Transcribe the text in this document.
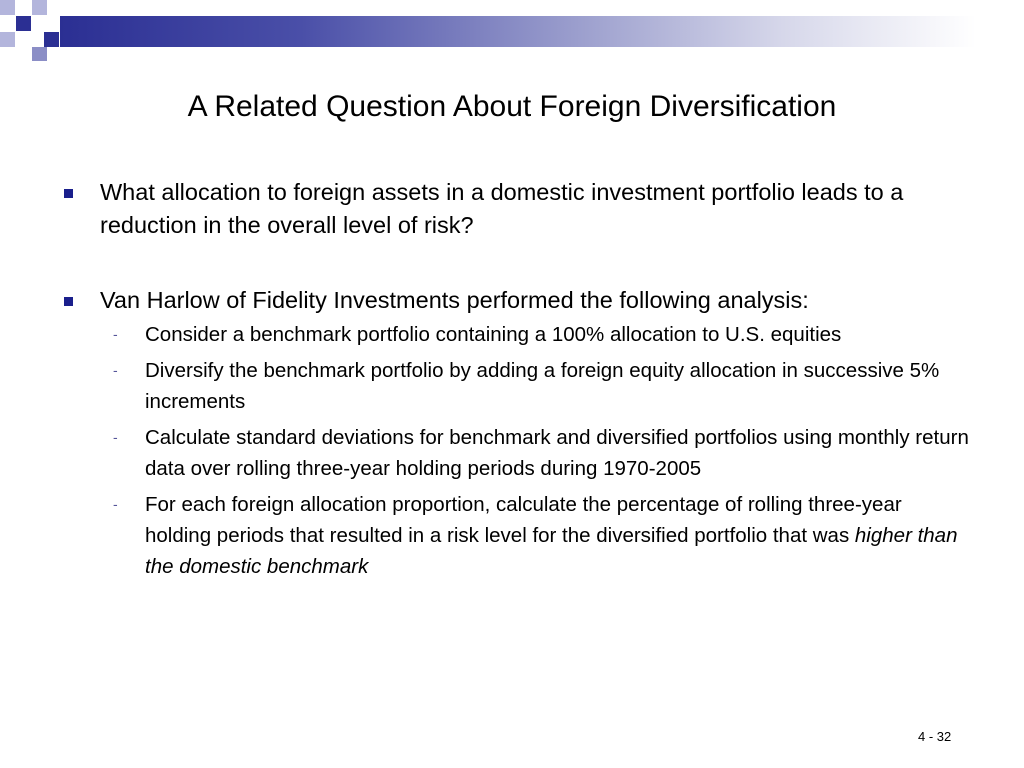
A Related Question About Foreign Diversification
What allocation to foreign assets in a domestic investment portfolio leads to a reduction in the overall level of risk?
Van Harlow of Fidelity Investments performed the following analysis:
- Consider a benchmark portfolio containing a 100% allocation to U.S. equities
- Diversify the benchmark portfolio by adding a foreign equity allocation in successive 5% increments
- Calculate standard deviations for benchmark and diversified portfolios using monthly return data over rolling three-year holding periods during 1970-2005
- For each foreign allocation proportion, calculate the percentage of rolling three-year holding periods that resulted in a risk level for the diversified portfolio that was higher than the domestic benchmark
4 - 32
